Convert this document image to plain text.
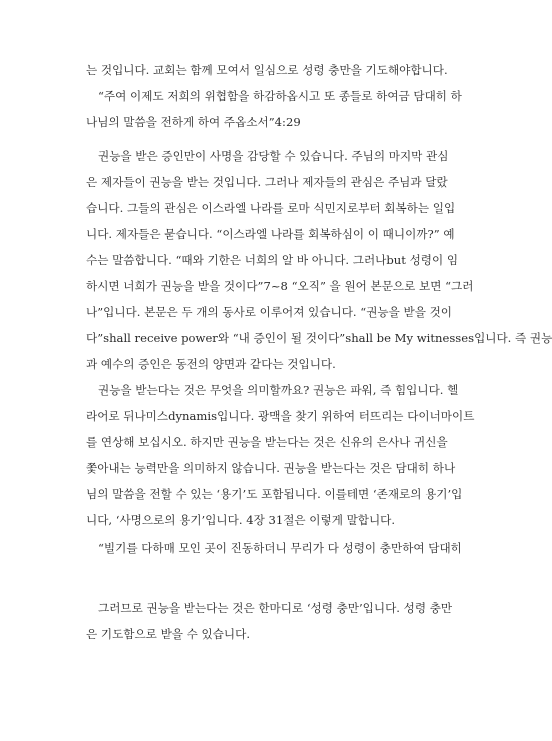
는 것입니다. 교회는 함께 모여서 일심으로 성령 충만을 기도해야합니다.

“주여 이제도 저희의 위협함을 하감하옵시고 또 종들로 하여금 담대히 하

나님의 말씀을 전하게 하여 주옵소서”4:29

권능을 받은 증인만이 사명을 감당할 수 있습니다. 주님의 마지막 관심

은 제자들이 권능을 받는 것입니다. 그러나 제자들의 관심은 주님과 달랐

습니다. 그들의 관심은 이스라엘 나라를 로마 식민지로부터 회복하는 일입

니다. 제자들은 묻습니다. “이스라엘 나라를 회복하심이 이 때니이까?” 예

수는 말씀합니다. “때와 기한은 너희의 알 바 아니다. 그러나but 성령이 임

하시면 너희가 권능을 받을 것이다”7~8 “오직” 을 원어 본문으로 보면 “그러

나”입니다. 본문은 두 개의 동사로 이루어져 있습니다. “권능을 받을 것이

다”shall receive power와 “내 증인이 될 것이다”shall be My witnesses입니다. 즉 권능

과 예수의 증인은 동전의 양면과 같다는 것입니다.

권능을 받는다는 것은 무엇을 의미할까요? 권능은 파워, 즉 힘입니다. 헬

라어로 뒤나미스dynamis입니다. 광맥을 찾기 위하여 터뜨리는 다이너마이트

를 연상해 보십시오. 하지만 권능을 받는다는 것은 신유의 은사나 귀신을

쫓아내는 능력만을 의미하지 않습니다. 권능을 받는다는 것은 담대히 하나

님의 말씀을 전할 수 있는 ‘용기’도 포함됩니다. 이를테면 ‘존재로의 용기’입

니다, ‘사명으로의 용기’입니다. 4장 31절은 이렇게 말합니다.

“빌기를 다하매 모인 곳이 진동하더니 무리가 다 성령이 충만하여 담대히

그러므로 권능을 받는다는 것은 한마디로 ‘성령 충만’입니다. 성령 충만

은 기도함으로 받을 수 있습니다.
